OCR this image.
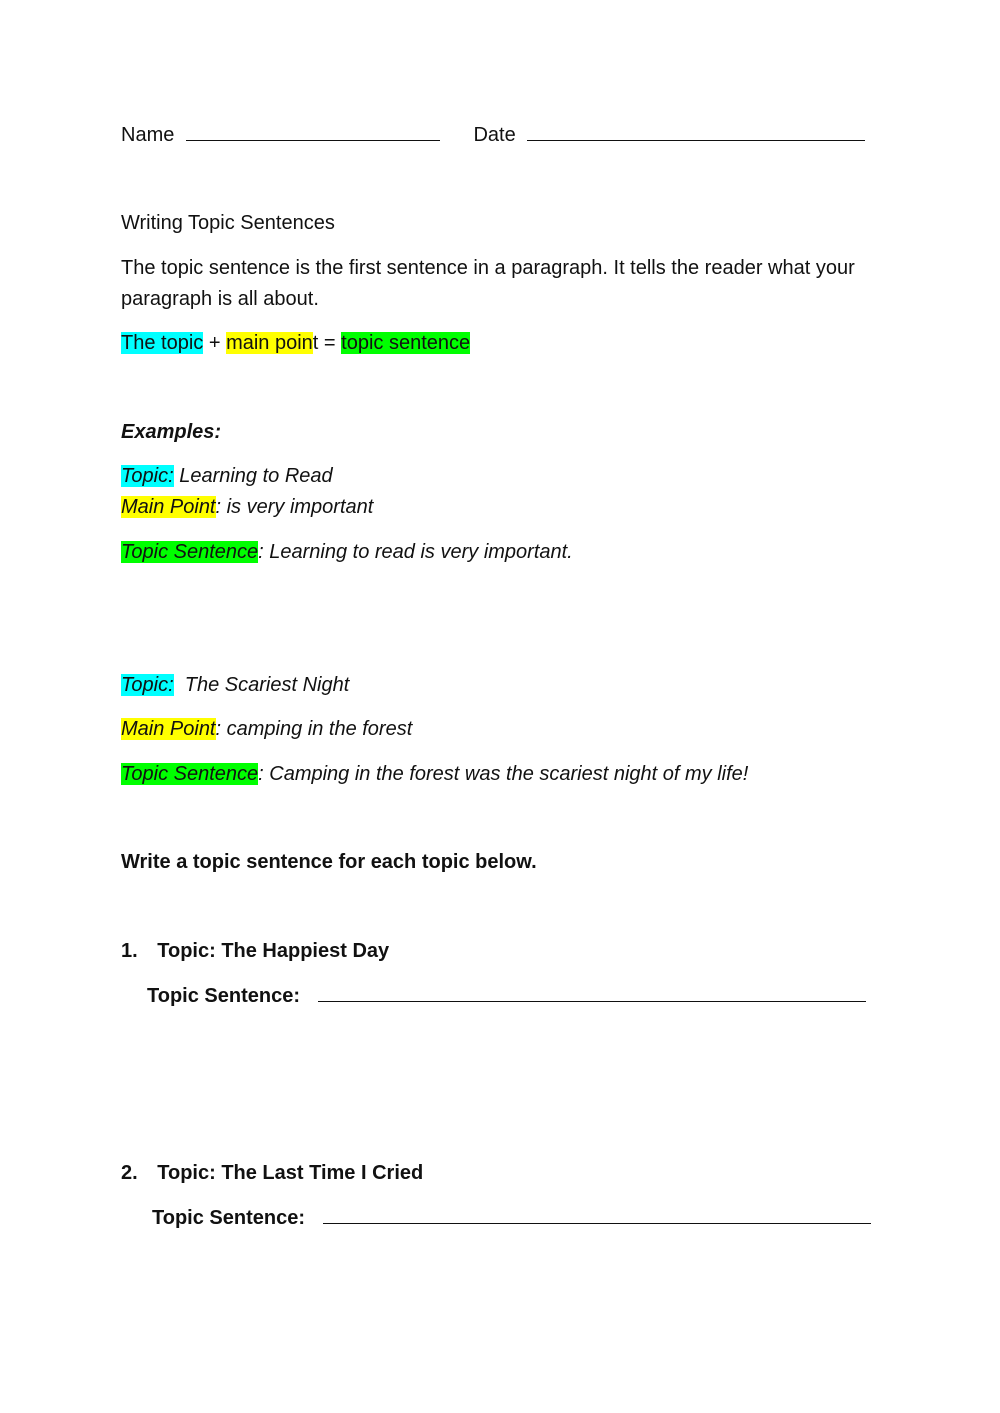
Name	Date
Writing Topic Sentences
The topic sentence is the first sentence in a paragraph. It tells the reader what your paragraph is all about.
The topic + main point = topic sentence
Examples:
Topic: Learning to Read
Main Point: is very important
Topic Sentence: Learning to read is very important.
Topic:  The Scariest Night
Main Point: camping in the forest
Topic Sentence: Camping in the forest was the scariest night of my life!
Write a topic sentence for each topic below.
1. Topic: The Happiest Day
Topic Sentence:
2. Topic: The Last Time I Cried
Topic Sentence:
